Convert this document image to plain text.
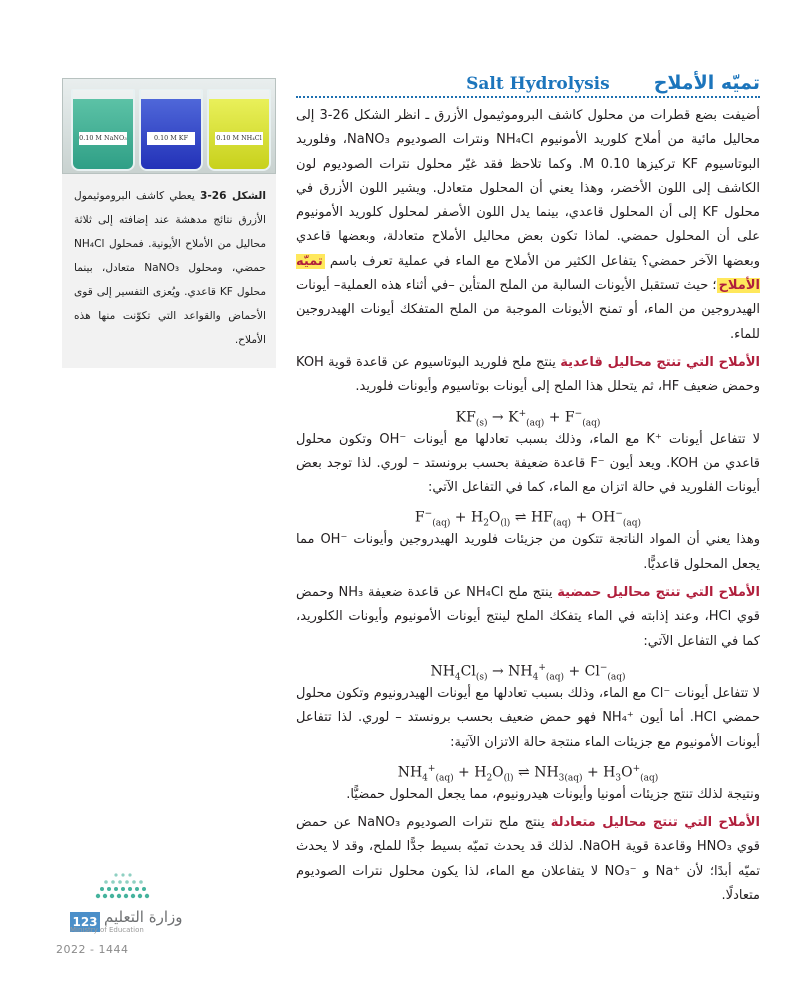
تميّه الأملاح
Salt Hydrolysis

أضيفت بضع قطرات من محلول كاشف البروموثيمول الأزرق ـ انظر الشكل 26-3 إلى محاليل مائية من أملاح كلوريد الأمونيوم NH₄Cl ونترات الصوديوم NaNO₃، وفلوريد البوتاسيوم KF تركيزها 0.10 M. وكما تلاحظ فقد غيّر محلول نترات الصوديوم لون الكاشف إلى اللون الأخضر، وهذا يعني أن المحلول متعادل. ويشير اللون الأزرق في محلول KF إلى أن المحلول قاعدي، بينما يدل اللون الأصفر لمحلول كلوريد الأمونيوم على أن المحلول حمضي. لماذا تكون بعض محاليل الأملاح متعادلة، وبعضها قاعدي وبعضها الآخر حمضي؟ يتفاعل الكثير من الأملاح مع الماء في عملية تعرف باسم تميّه الأملاح؛ حيث تستقبل الأيونات السالبة من الملح المتأين –في أثناء هذه العملية– أيونات الهيدروجين من الماء، أو تمنح الأيونات الموجبة من الملح المتفكك أيونات الهيدروجين للماء.

الأملاح التي تنتج محاليل قاعدية ينتج ملح فلوريد البوتاسيوم عن قاعدة قوية KOH وحمض ضعيف HF، ثم يتحلل هذا الملح إلى أيونات بوتاسيوم وأيونات فلوريد.

$KF_{(s)} \to K^+_{(aq)} + F^-_{(aq)}$

لا تتفاعل أيونات ⁺K مع الماء، وذلك بسبب تعادلها مع أيونات ⁻OH وتكون محلول قاعدي من KOH. ويعد أيون ⁻F قاعدة ضعيفة بحسب برونستد – لوري. لذا توجد بعض أيونات الفلوريد في حالة اتزان مع الماء، كما في التفاعل الآتي:

$F^-_{(aq)} + H_2O_{(l)}$ ⇌ $HF_{(aq)} + OH^-_{(aq)}$

وهذا يعني أن المواد الناتجة تتكون من جزيئات فلوريد الهيدروجين وأيونات ⁻OH مما يجعل المحلول قاعديًّا.

الأملاح التي تنتج محاليل حمضية ينتج ملح NH₄Cl عن قاعدة ضعيفة NH₃ وحمض قوي HCl، وعند إذابته في الماء يتفكك الملح لينتج أيونات الأمونيوم وأيونات الكلوريد، كما في التفاعل الآتي:

$NH_4Cl_{(s)} \to NH_4^+_{(aq)} + Cl^-_{(aq)}$

لا تتفاعل أيونات ⁻Cl مع الماء، وذلك بسبب تعادلها مع أيونات الهيدرونيوم وتكون محلول حمضي HCl. أما أيون ⁺NH₄ فهو حمض ضعيف بحسب برونستد – لوري. لذا تتفاعل أيونات الأمونيوم مع جزيئات الماء منتجة حالة الاتزان الآتية:

$NH_4^+_{(aq)} + H_2O_{(l)}$ ⇌ $NH_{3(aq)} + H_3O^+_{(aq)}$

ونتيجة لذلك تنتج جزيئات أمونيا وأيونات هيدرونيوم، مما يجعل المحلول حمضيًّا.

الأملاح التي تنتج محاليل متعادلة ينتج ملح نترات الصوديوم NaNO₃ عن حمض قوي HNO₃ وقاعدة قوية NaOH. لذلك قد يحدث تميّه بسيط جدًّا للملح، وقد لا يحدث تميّه أبدًا؛ لأن ⁺Na و ⁻NO₃ لا يتفاعلان مع الماء، لذا يكون محلول نترات الصوديوم متعادلًا.

0.10 M NaNO₃	0.10 M KF	0.10 M NH₄Cl
الشكل 26-3 يعطي كاشف البروموثيمول الأزرق نتائج مدهشة عند إضافته إلى ثلاثة محاليل من الأملاح الأيونية. فمحلول NH₄Cl حمضي، ومحلول NaNO₃ متعادل، بينما محلول KF قاعدي. ويُعزى التفسير إلى قوى الأحماض والقواعد التي تكوّنت منها هذه الأملاح.
وزارة التعليم
123
Ministry of Education
2022 - 1444
